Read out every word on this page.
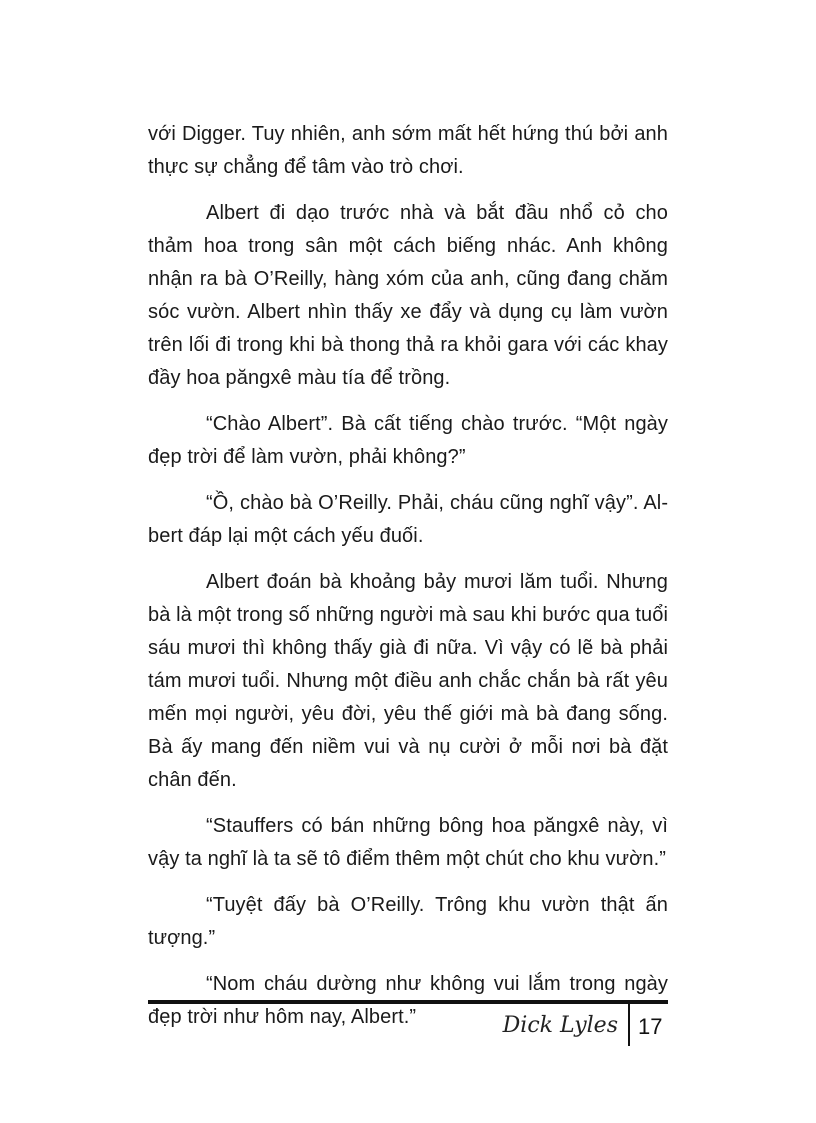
với Digger. Tuy nhiên, anh sớm mất hết hứng thú bởi anh thực sự chẳng để tâm vào trò chơi.

Albert đi dạo trước nhà và bắt đầu nhổ cỏ cho thảm hoa trong sân một cách biếng nhác. Anh không nhận ra bà O’Reilly, hàng xóm của anh, cũng đang chăm sóc vườn. Albert nhìn thấy xe đẩy và dụng cụ làm vườn trên lối đi trong khi bà thong thả ra khỏi gara với các khay đầy hoa păngxê màu tía để trồng.

“Chào Albert”. Bà cất tiếng chào trước. “Một ngày đẹp trời để làm vườn, phải không?”

“Ồ, chào bà O’Reilly. Phải, cháu cũng nghĩ vậy”. Albert đáp lại một cách yếu đuối.

Albert đoán bà khoảng bảy mươi lăm tuổi. Nhưng bà là một trong số những người mà sau khi bước qua tuổi sáu mươi thì không thấy già đi nữa. Vì vậy có lẽ bà phải tám mươi tuổi. Nhưng một điều anh chắc chắn bà rất yêu mến mọi người, yêu đời, yêu thế giới mà bà đang sống. Bà ấy mang đến niềm vui và nụ cười ở mỗi nơi bà đặt chân đến.

“Stauffers có bán những bông hoa păngxê này, vì vậy ta nghĩ là ta sẽ tô điểm thêm một chút cho khu vườn.”

“Tuyệt đấy bà O’Reilly. Trông khu vườn thật ấn tượng.”

“Nom cháu dường như không vui lắm trong ngày đẹp trời như hôm nay, Albert.”	Dick Lyles 17
